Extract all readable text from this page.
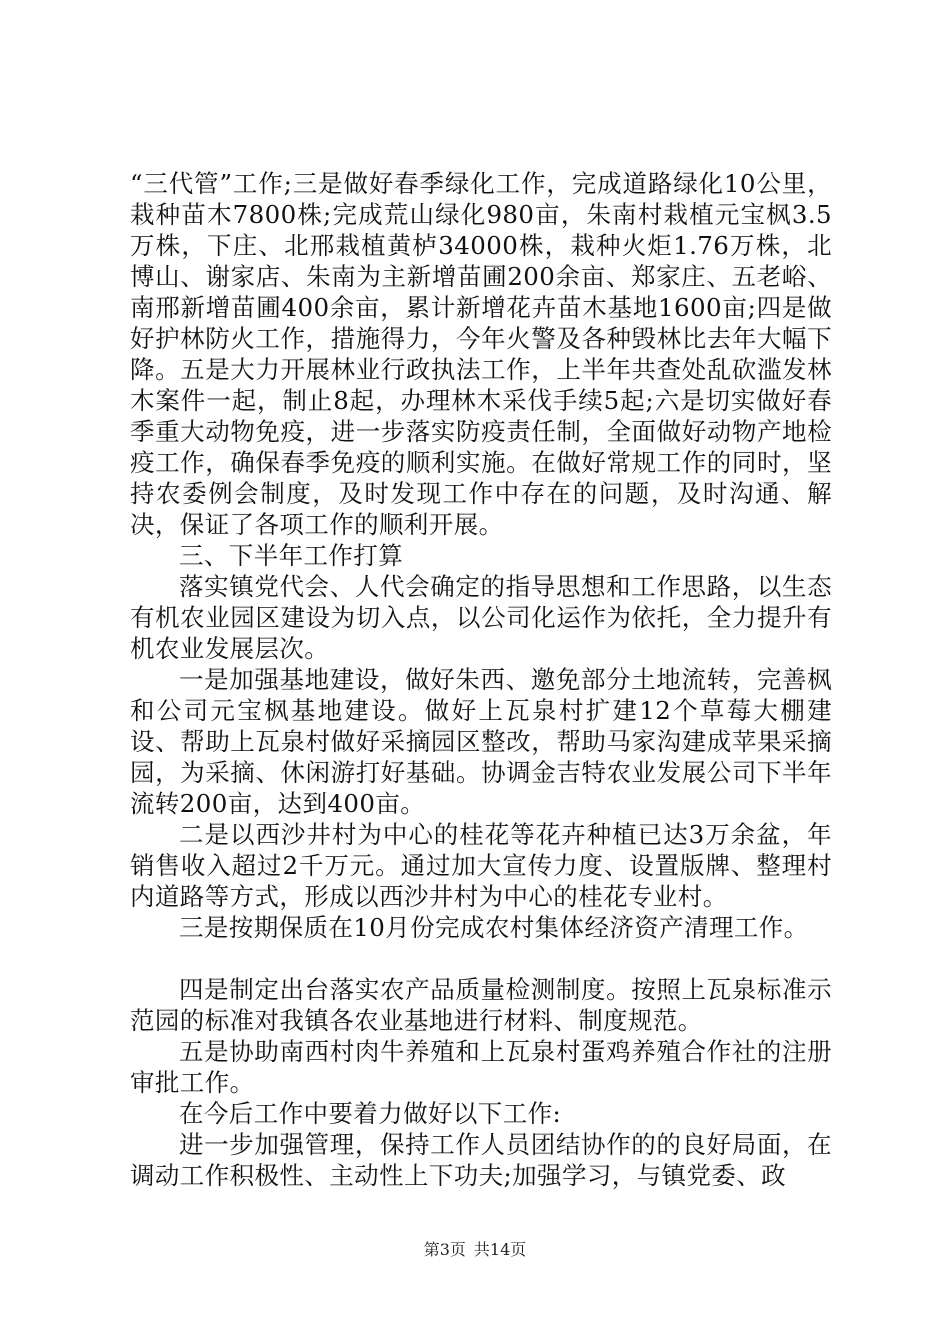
“三代管”工作;三是做好春季绿化工作，完成道路绿化10公里，栽种苗木7800株;完成荒山绿化980亩，朱南村栽植元宝枫3.5万株，下庄、北邢栽植黄栌34000株，栽种火炬1.76万株，北博山、谢家店、朱南为主新增苗圃200余亩、郑家庄、五老峪、南邢新增苗圃400余亩，累计新增花卉苗木基地1600亩;四是做好护林防火工作，措施得力，今年火警及各种毁林比去年大幅下降。五是大力开展林业行政执法工作，上半年共查处乱砍滥发林木案件一起，制止8起，办理林木采伐手续5起;六是切实做好春季重大动物免疫，进一步落实防疫责任制，全面做好动物产地检疫工作，确保春季免疫的顺利实施。在做好常规工作的同时，坚持农委例会制度，及时发现工作中存在的问题，及时沟通、解决，保证了各项工作的顺利开展。

三、下半年工作打算

落实镇党代会、人代会确定的指导思想和工作思路，以生态有机农业园区建设为切入点，以公司化运作为依托，全力提升有机农业发展层次。

一是加强基地建设，做好朱西、邀免部分土地流转，完善枫和公司元宝枫基地建设。做好上瓦泉村扩建12个草莓大棚建设、帮助上瓦泉村做好采摘园区整改，帮助马家沟建成苹果采摘园，为采摘、休闲游打好基础。协调金吉特农业发展公司下半年流转200亩，达到400亩。

二是以西沙井村为中心的桂花等花卉种植已达3万余盆，年销售收入超过2千万元。通过加大宣传力度、设置版牌、整理村内道路等方式，形成以西沙井村为中心的桂花专业村。

三是按期保质在10月份完成农村集体经济资产清理工作。

四是制定出台落实农产品质量检测制度。按照上瓦泉标准示范园的标准对我镇各农业基地进行材料、制度规范。

五是协助南西村肉牛养殖和上瓦泉村蛋鸡养殖合作社的注册审批工作。

在今后工作中要着力做好以下工作:

进一步加强管理，保持工作人员团结协作的的良好局面，在调动工作积极性、主动性上下功夫;加强学习，与镇党委、政

第3页 共14页
